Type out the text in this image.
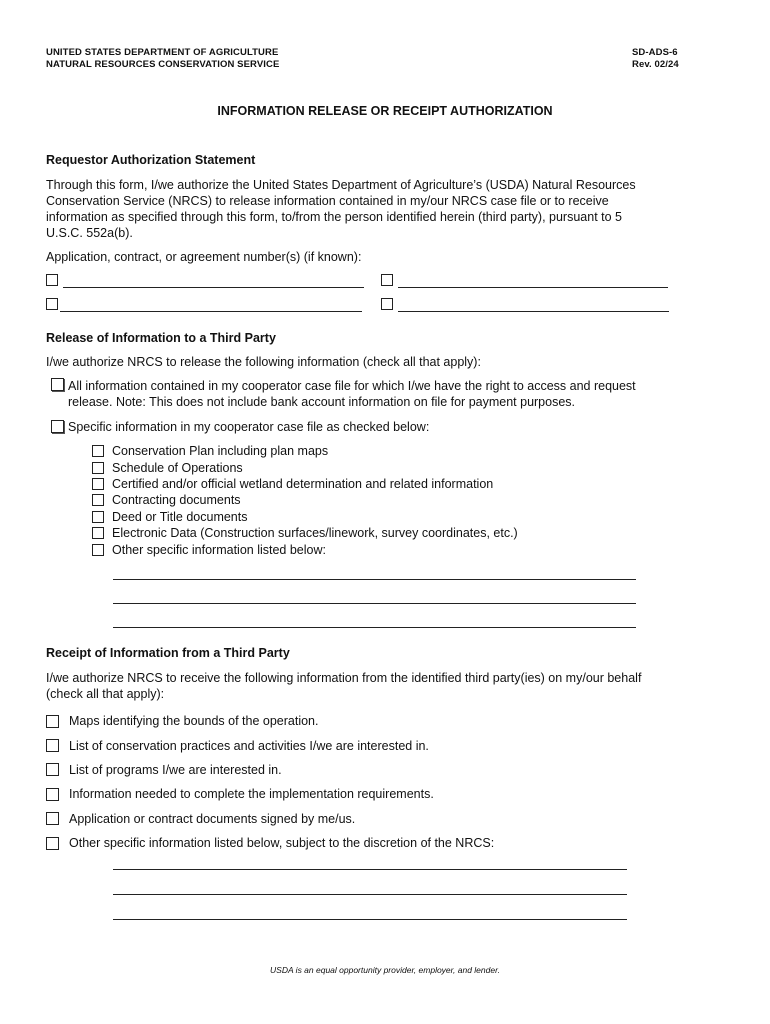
UNITED STATES DEPARTMENT OF AGRICULTURE
NATURAL RESOURCES CONSERVATION SERVICE
SD-ADS-6
Rev. 02/24
INFORMATION RELEASE OR RECEIPT AUTHORIZATION
Requestor Authorization Statement
Through this form, I/we authorize the United States Department of Agriculture’s (USDA) Natural Resources
Conservation Service (NRCS) to release information contained in my/our NRCS case file or to receive
information as specified through this form, to/from the person identified herein (third party), pursuant to 5
U.S.C. 552a(b).
Application, contract, or agreement number(s) (if known):
Release of Information to a Third Party
I/we authorize NRCS to release the following information (check all that apply):
All information contained in my cooperator case file for which I/we have the right to access and request
release. Note: This does not include bank account information on file for payment purposes.
Specific information in my cooperator case file as checked below:
Conservation Plan including plan maps
Schedule of Operations
Certified and/or official wetland determination and related information
Contracting documents
Deed or Title documents
Electronic Data (Construction surfaces/linework, survey coordinates, etc.)
Other specific information listed below:
Receipt of Information from a Third Party
I/we authorize NRCS to receive the following information from the identified third party(ies) on my/our behalf
(check all that apply):
Maps identifying the bounds of the operation.
List of conservation practices and activities I/we are interested in.
List of programs I/we are interested in.
Information needed to complete the implementation requirements.
Application or contract documents signed by me/us.
Other specific information listed below, subject to the discretion of the NRCS:
USDA is an equal opportunity provider, employer, and lender.
